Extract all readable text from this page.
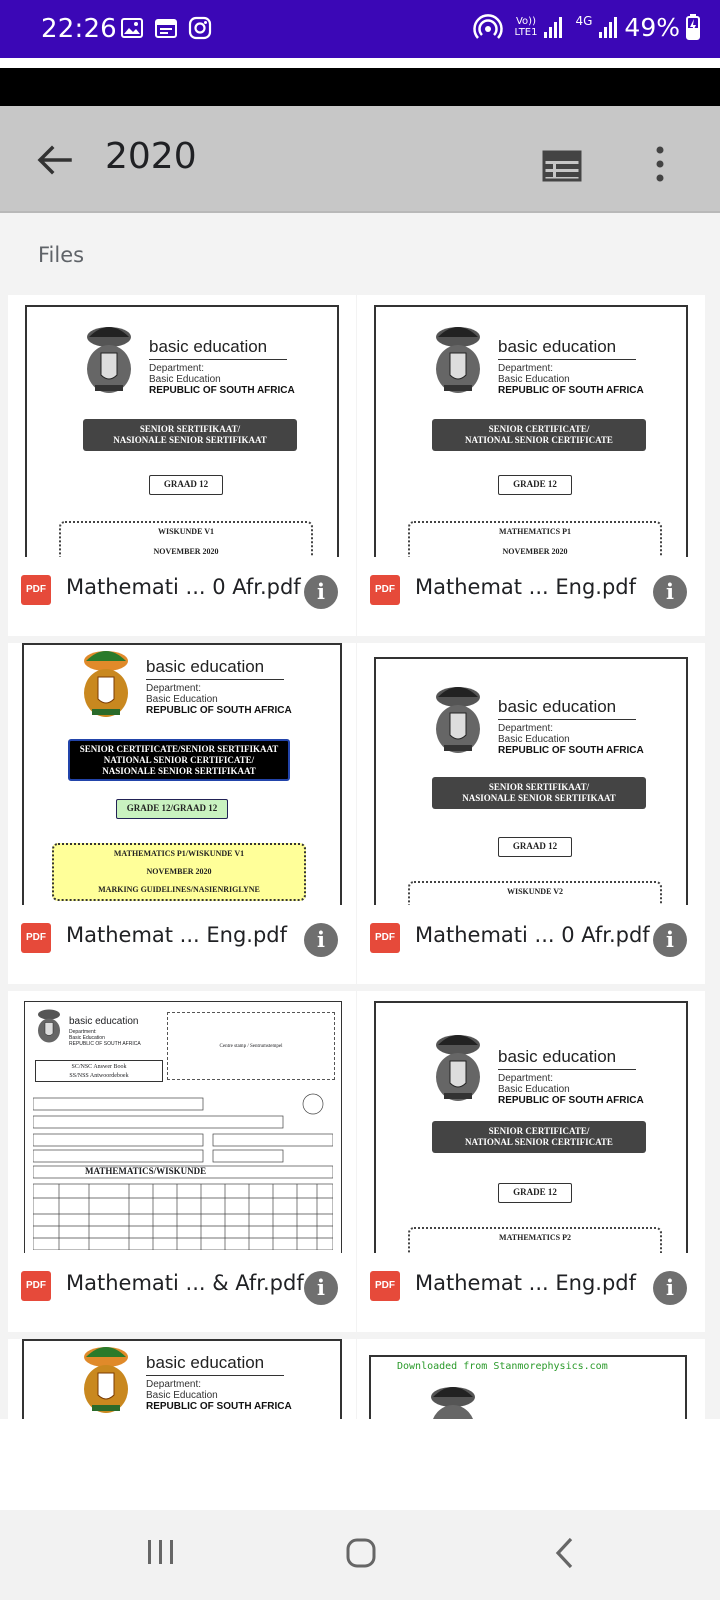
22:26	Vo))
LTE1
4G 49%
2020
Files
basic education
Department:
Basic Education
REPUBLIC OF SOUTH AFRICA
SENIOR SERTIFIKAAT/
NASIONALE SENIOR SERTIFIKAAT
GRAAD 12
WISKUNDE V1
NOVEMBER 2020
PDF Mathemati ... 0 Afr.pdf i
basic education
Department:
Basic Education
REPUBLIC OF SOUTH AFRICA
SENIOR CERTIFICATE/
NATIONAL SENIOR CERTIFICATE
GRADE 12
MATHEMATICS P1
NOVEMBER 2020
PDF Mathemat ... Eng.pdf	i
basic education
Department:
Basic Education
REPUBLIC OF SOUTH AFRICA
SENIOR CERTIFICATE/SENIOR SERTIFIKAAT
NATIONAL SENIOR CERTIFICATE/
NASIONALE SENIOR SERTIFIKAAT
GRADE 12/GRAAD 12
MATHEMATICS P1/WISKUNDE V1
NOVEMBER 2020
MARKING GUIDELINES/NASIENRIGLYNE
PDF Mathemat ... Eng.pdf	i
basic education
Department:
Basic Education
REPUBLIC OF SOUTH AFRICA
SENIOR SERTIFIKAAT/
NASIONALE SENIOR SERTIFIKAAT
GRAAD 12
WISKUNDE V2
PDF Mathemati ... 0 Afr.pdf i
basic education
Department:
Basic Education
REPUBLIC OF SOUTH AFRICA	Centre stamp / Sentrumstempel
SC/NSC Answer Book
SS/NSS Antwoordeboek
MATHEMATICS/WISKUNDE
PDF Mathemati ... & Afr.pdf i
basic education
Department:
Basic Education
REPUBLIC OF SOUTH AFRICA
SENIOR CERTIFICATE/
NATIONAL SENIOR CERTIFICATE
GRADE 12
MATHEMATICS P2
PDF Mathemat ... Eng.pdf	i
basic education
Department:
Basic Education
REPUBLIC OF SOUTH AFRICA
Downloaded from Stanmorephysics.com
